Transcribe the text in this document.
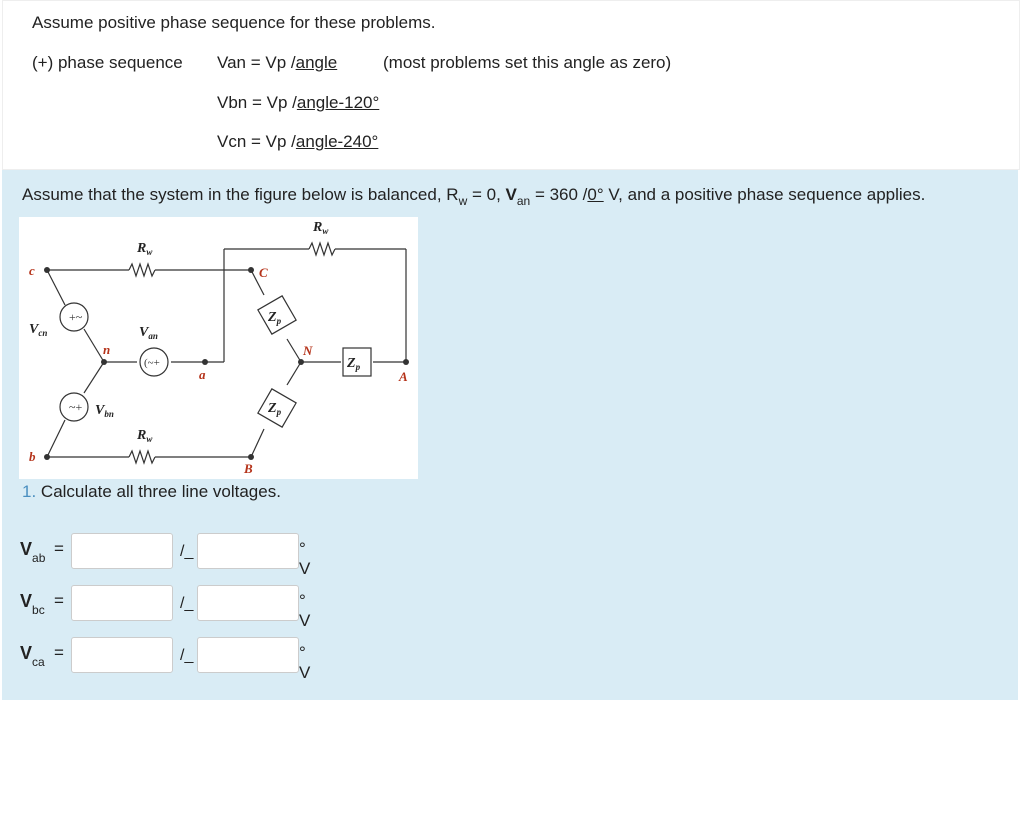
Assume positive phase sequence for these problems.
(+) phase sequence Van = Vp /angle	(most problems set this angle as zero)
Vbn = Vp /angle-120°
Vcn = Vp /angle-240°
Assume that the system in the figure below is balanced, $R_w = 0$, $V_{an} = 360$ /0° V, and a positive phase sequence applies.
+~
~+
(~+
$R_w$
$R_w$
$R_w$
$Z_p$
$Z_p$
$Z_p$
$V_{cn}$	$V_{an}$
$V_{bn}$
c
b
n
a
C
N
A
B
1. Calculate all three line voltages.
$V_{ab}$ =	/_	° V
$V_{bc}$ =	/_	° V
$V_{ca}$ =	/_	° V
